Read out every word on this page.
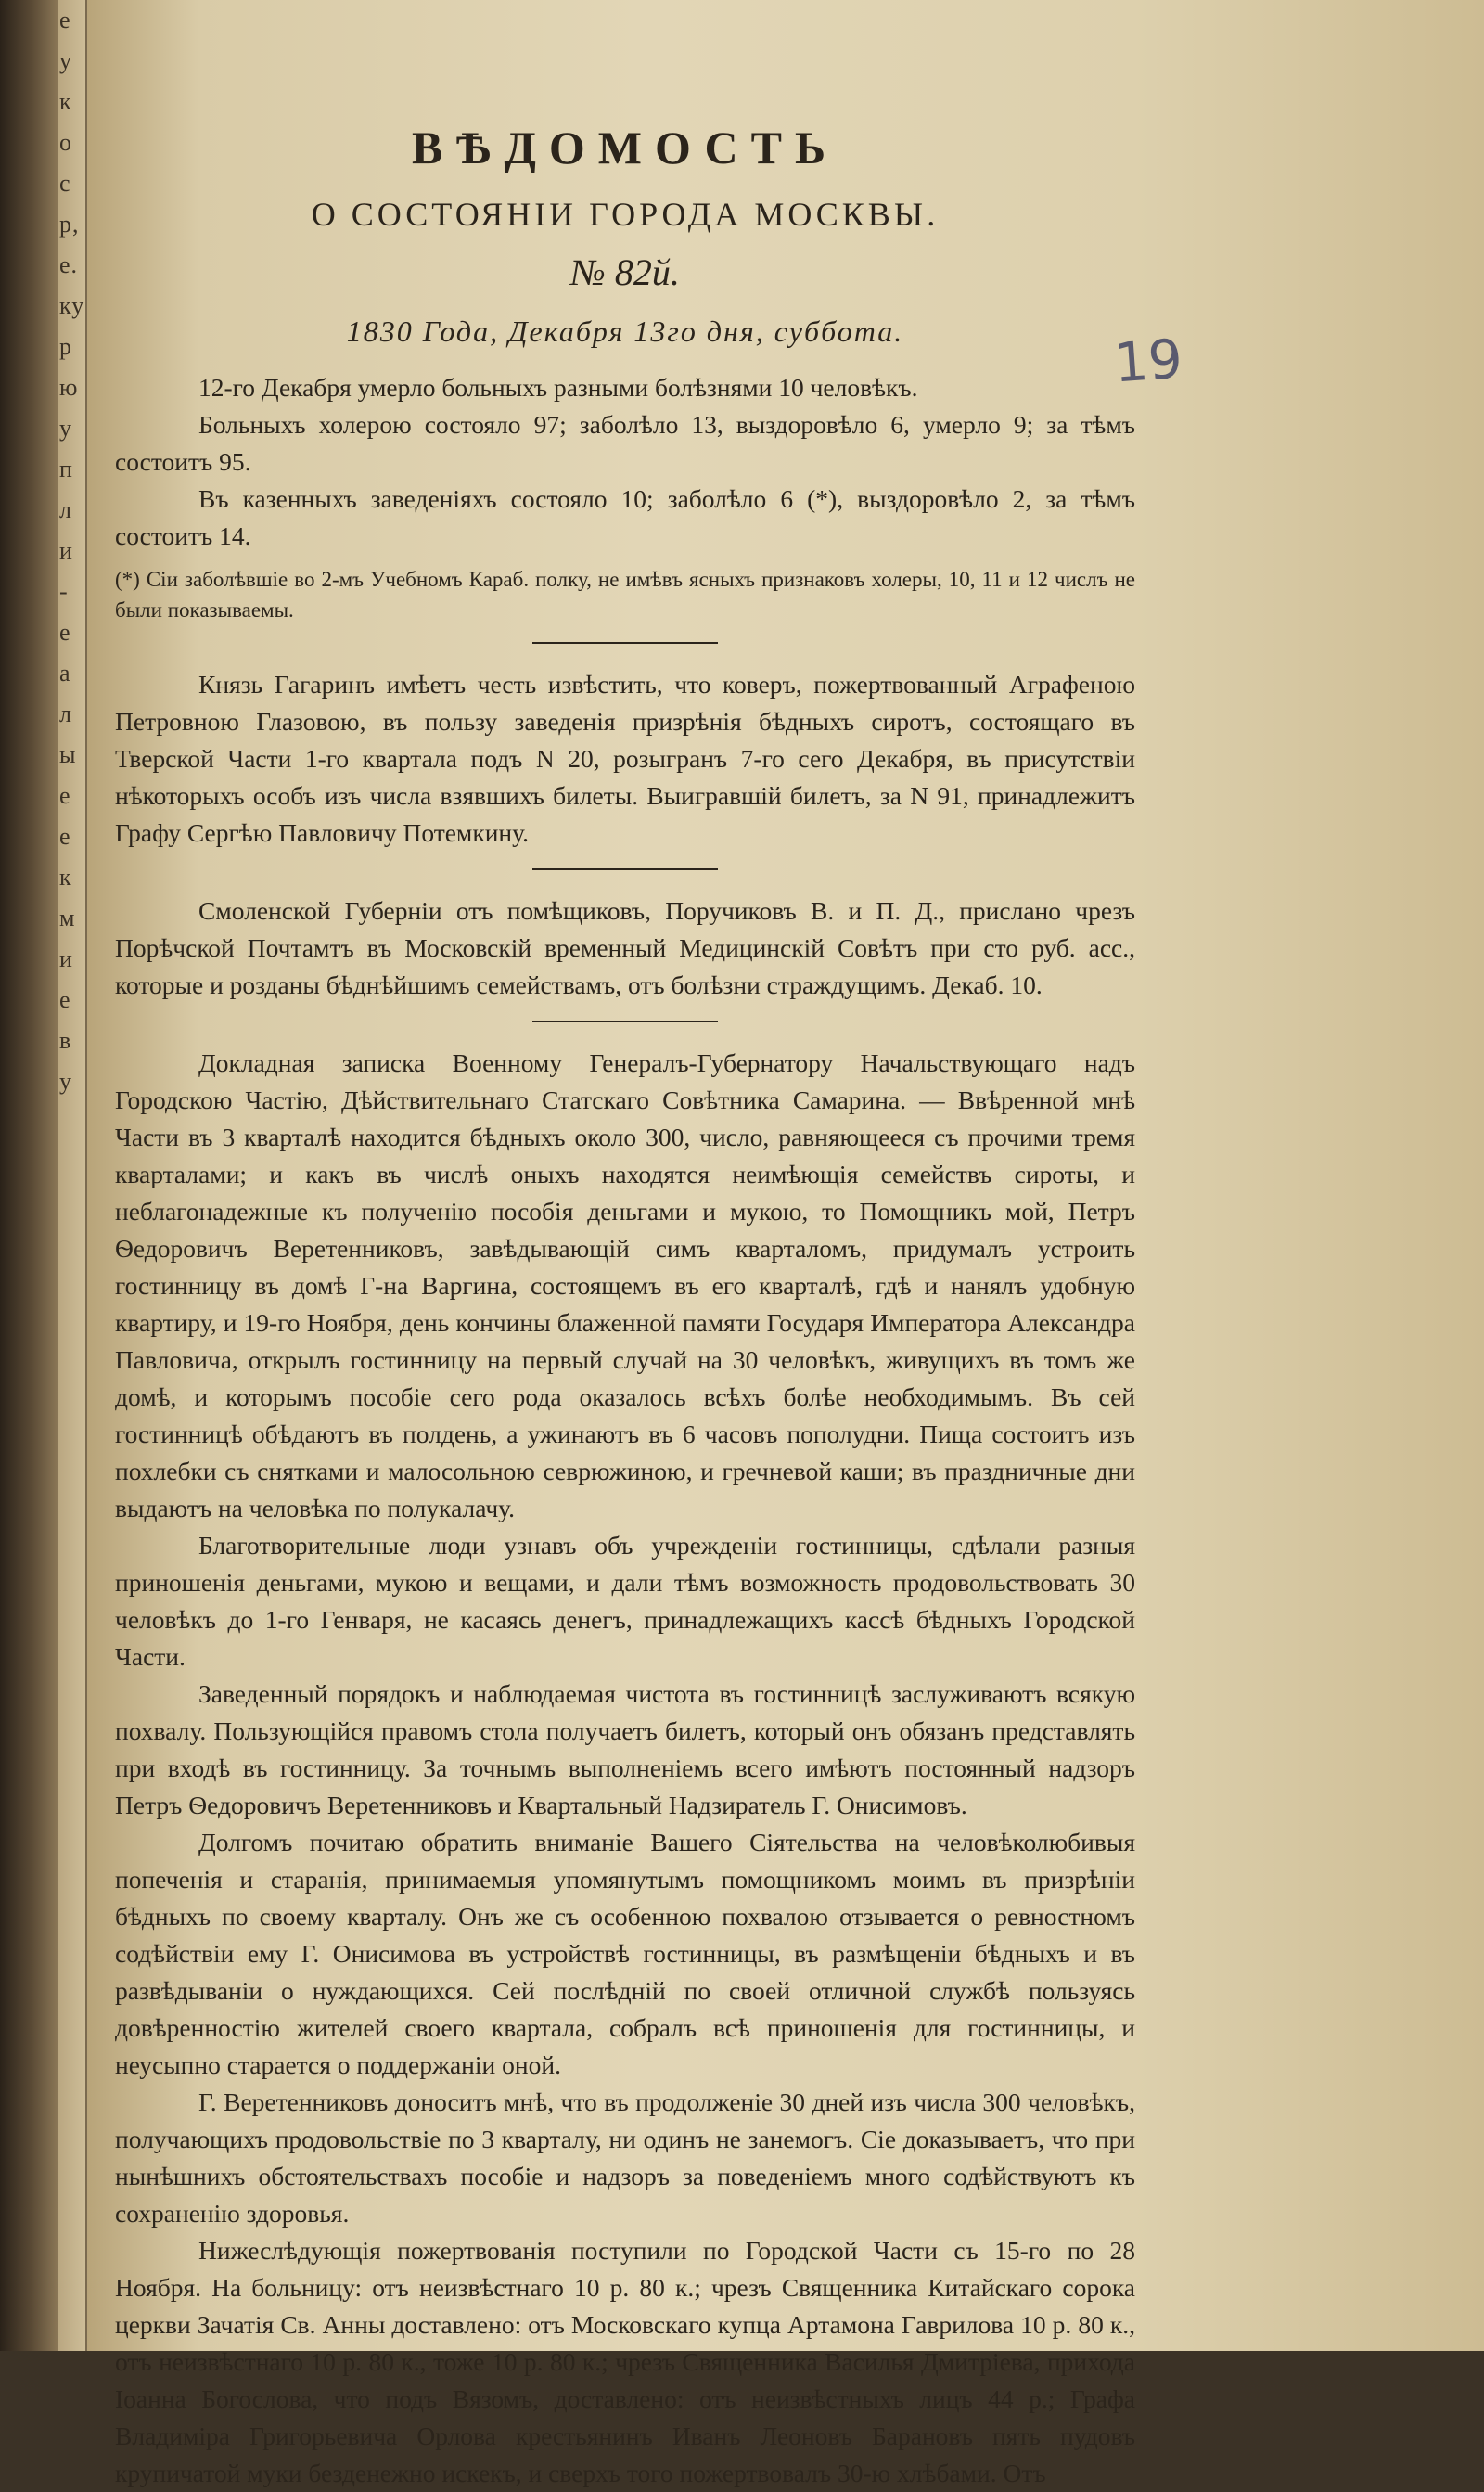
е
у
к
о
с
р,
е.
ку
р
ю
у
п
л
и
-
е
а
л
ы
е
е
к
м
и
е
в
у
19
ВѢДОМОСТЬ
О СОСТОЯНІИ ГОРОДА МОСКВЫ.
№ 82й.
1830 Года, Декабря 13го дня, суббота.

12-го Декабря умерло больныхъ разными болѣзнями 10 человѣкъ.

Больныхъ холерою состояло 97; заболѣло 13, выздоровѣло 6, умерло 9; за тѣмъ состоитъ 95.

Въ казенныхъ заведеніяхъ состояло 10; заболѣло 6 (*), выздоровѣло 2, за тѣмъ состоитъ 14.

(*) Сіи заболѣвшіе во 2-мъ Учебномъ Караб. полку, не имѣвъ ясныхъ признаковъ холеры, 10, 11 и 12 числъ не были показываемы.

Князь Гагаринъ имѣетъ честь извѣстить, что коверъ, пожертвованный Аграфеною Петровною Глазовою, въ пользу заведенія призрѣнія бѣдныхъ сиротъ, состоящаго въ Тверской Части 1-го квартала подъ N 20, розыгранъ 7-го сего Декабря, въ присутствіи нѣкоторыхъ особъ изъ числа взявшихъ билеты. Выигравшій билетъ, за N 91, принадлежитъ Графу Сергѣю Павловичу Потемкину.

Смоленской Губерніи отъ помѣщиковъ, Поручиковъ В. и П. Д., прислано чрезъ Порѣчской Почтамтъ въ Московскій временный Медицинскій Совѣтъ при сто руб. асс., которые и розданы бѣднѣйшимъ семействамъ, отъ болѣзни страждущимъ. Декаб. 10.

Докладная записка Военному Генералъ-Губернатору Начальствующаго надъ Городскою Частію, Дѣйствительнаго Статскаго Совѣтника Самарина. — Ввѣренной мнѣ Части въ 3 кварталѣ находится бѣдныхъ около 300, число, равняющееся съ прочими тремя кварталами; и какъ въ числѣ оныхъ находятся неимѣющія семействъ сироты, и неблагонадежные къ полученію пособія деньгами и мукою, то Помощникъ мой, Петръ Ѳедоровичъ Веретенниковъ, завѣдывающій симъ кварталомъ, придумалъ устроить гостинницу въ домѣ Г-на Варгина, состоящемъ въ его кварталѣ, гдѣ и нанялъ удобную квартиру, и 19-го Ноября, день кончины блаженной памяти Государя Императора Александра Павловича, открылъ гостинницу на первый случай на 30 человѣкъ, живущихъ въ томъ же домѣ, и которымъ пособіе сего рода оказалось всѣхъ болѣе необходимымъ. Въ сей гостинницѣ обѣдаютъ въ полдень, а ужинаютъ въ 6 часовъ пополудни. Пища состоитъ изъ похлебки съ снятками и малосольною севрюжиною, и гречневой каши; въ праздничные дни выдаютъ на человѣка по полукалачу.

Благотворительные люди узнавъ объ учрежденіи гостинницы, сдѣлали разныя приношенія деньгами, мукою и вещами, и дали тѣмъ возможность продовольствовать 30 человѣкъ до 1-го Генваря, не касаясь денегъ, принадлежащихъ кассѣ бѣдныхъ Городской Части.

Заведенный порядокъ и наблюдаемая чистота въ гостинницѣ заслуживаютъ всякую похвалу. Пользующійся правомъ стола получаетъ билетъ, который онъ обязанъ представлять при входѣ въ гостинницу. За точнымъ выполненіемъ всего имѣютъ постоянный надзоръ Петръ Ѳедоровичъ Веретенниковъ и Квартальный Надзиратель Г. Онисимовъ.

Долгомъ почитаю обратить вниманіе Вашего Сіятельства на человѣколюбивыя попеченія и старанія, принимаемыя упомянутымъ помощникомъ моимъ въ призрѣніи бѣдныхъ по своему кварталу. Онъ же съ особенною похвалою отзывается о ревностномъ содѣйствіи ему Г. Онисимова въ устройствѣ гостинницы, въ размѣщеніи бѣдныхъ и въ развѣдываніи о нуждающихся. Сей послѣдній по своей отличной службѣ пользуясь довѣренностію жителей своего квартала, собралъ всѣ приношенія для гостинницы, и неусыпно старается о поддержаніи оной.

Г. Веретенниковъ доноситъ мнѣ, что въ продолженіе 30 дней изъ числа 300 человѣкъ, получающихъ продовольствіе по 3 кварталу, ни одинъ не занемогъ. Сіе доказываетъ, что при нынѣшнихъ обстоятельствахъ пособіе и надзоръ за поведеніемъ много содѣйствуютъ къ сохраненію здоровья.

Нижеслѣдующія пожертвованія поступили по Городской Части съ 15-го по 28 Ноября. На больницу: отъ неизвѣстнаго 10 р. 80 к.; чрезъ Священника Китайскаго сорока церкви Зачатія Св. Анны доставлено: отъ Московскаго купца Артамона Гаврилова 10 р. 80 к., отъ неизвѣстнаго 10 р. 80 к., тоже 10 р. 80 к.; чрезъ Священника Василья Дмитріева, прихода Іоанна Богослова, что подъ Вязомъ, доставлено: отъ неизвѣстныхъ лицъ 44 р.; Графа Владиміра Григорьевича Орлова крестьянинъ Иванъ Леоновъ Барановъ пять пудовъ крупичатой муки безденежно искекъ, и сверхъ того пожертвовалъ 30-ю хлѣбами. Отъ
